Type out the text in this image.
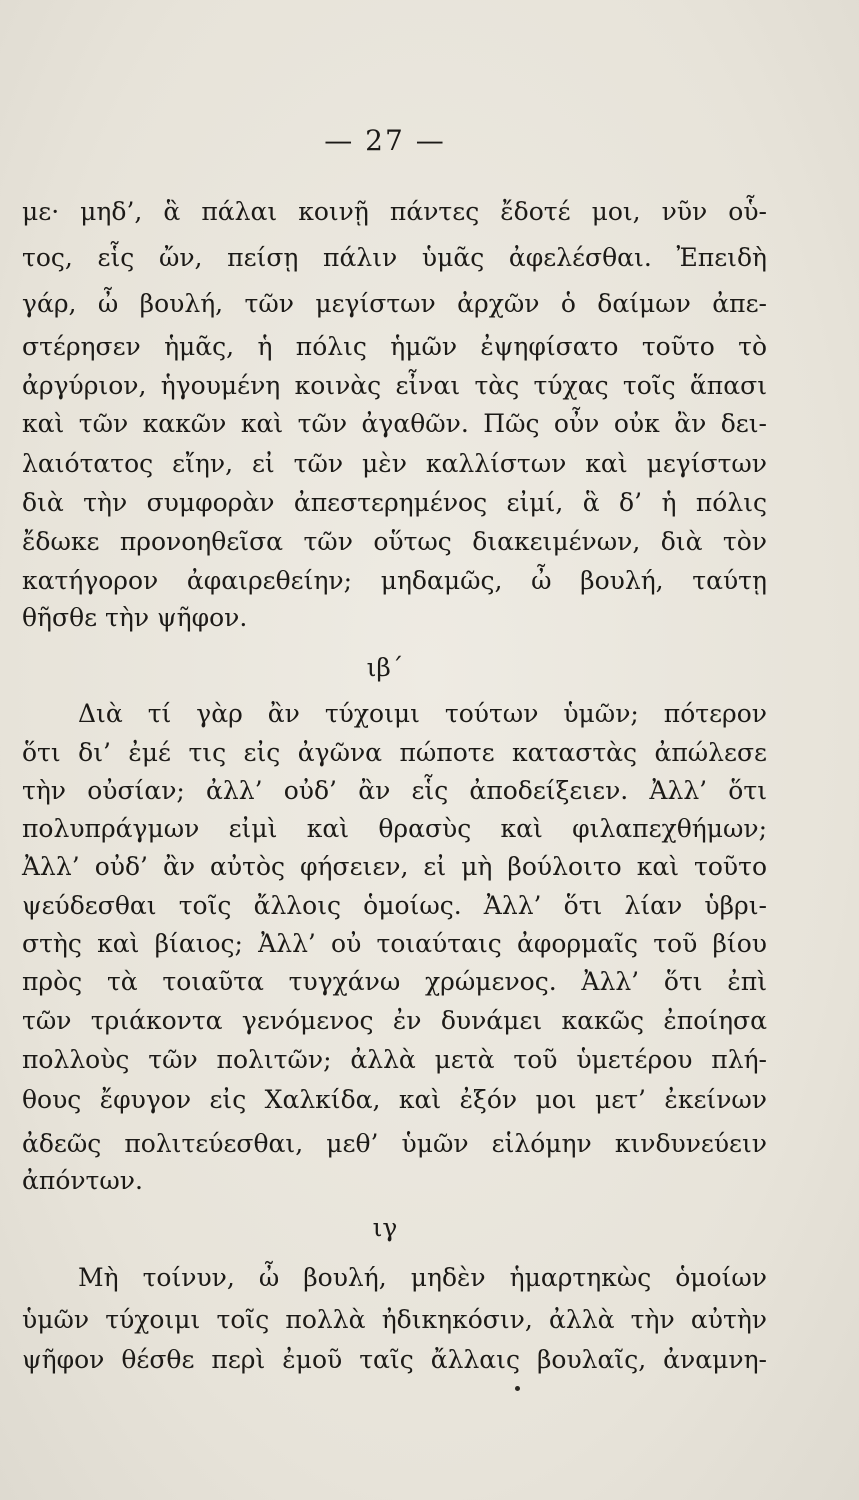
— 27 —
με· μηδ’, ἃ πάλαι κοινῇ πάντες ἔδοτέ μοι, νῦν οὗ-
τος, εἷς ὤν, πείσῃ πάλιν ὑμᾶς ἀφελέσθαι. Ἐπειδὴ
γάρ, ὦ βουλή, τῶν μεγίστων ἀρχῶν ὁ δαίμων ἀπε-
στέρησεν ἡμᾶς, ἡ πόλις ἡμῶν ἐψηφίσατο τοῦτο τὸ
ἀργύριον, ἡγουμένη κοινὰς εἶναι τὰς τύχας τοῖς ἅπασι
καὶ τῶν κακῶν καὶ τῶν ἀγαθῶν. Πῶς οὖν οὐκ ἂν δει-
λαιότατος εἴην, εἰ τῶν μὲν καλλίστων καὶ μεγίστων
διὰ τὴν συμφορὰν ἀπεστερημένος εἰμί, ἃ δ’ ἡ πόλις
ἔδωκε προνοηθεῖσα τῶν οὕτως διακειμένων, διὰ τὸν
κατήγορον ἀφαιρεθείην; μηδαμῶς, ὦ βουλή, ταύτῃ
θῆσθε τὴν ψῆφον.
ιβ΄
Διὰ τί γὰρ ἂν τύχοιμι τούτων ὑμῶν; πότερον
ὅτι δι’ ἐμέ τις εἰς ἀγῶνα πώποτε καταστὰς ἀπώλεσε
τὴν οὐσίαν; ἀλλ’ οὐδ’ ἂν εἷς ἀποδείξειεν. Ἀλλ’ ὅτι
πολυπράγμων εἰμὶ καὶ θρασὺς καὶ φιλαπεχθήμων;
Ἀλλ’ οὐδ’ ἂν αὐτὸς φήσειεν, εἰ μὴ βούλοιτο καὶ τοῦτο
ψεύδεσθαι τοῖς ἄλλοις ὁμοίως. Ἀλλ’ ὅτι λίαν ὑβρι-
στὴς καὶ βίαιος; Ἀλλ’ οὐ τοιαύταις ἀφορμαῖς τοῦ βίου
πρὸς τὰ τοιαῦτα τυγχάνω χρώμενος. Ἀλλ’ ὅτι ἐπὶ
τῶν τριάκοντα γενόμενος ἐν δυνάμει κακῶς ἐποίησα
πολλοὺς τῶν πολιτῶν; ἀλλὰ μετὰ τοῦ ὑμετέρου πλή-
θους ἔφυγον εἰς Χαλκίδα, καὶ ἐξόν μοι μετ’ ἐκείνων
ἀδεῶς πολιτεύεσθαι, μεθ’ ὑμῶν εἱλόμην κινδυνεύειν
ἀπόντων.
ιγ
Μὴ τοίνυν, ὦ βουλή, μηδὲν ἡμαρτηκὼς ὁμοίων
ὑμῶν τύχοιμι τοῖς πολλὰ ἠδικηκόσιν, ἀλλὰ τὴν αὐτὴν
ψῆφον θέσθε περὶ ἐμοῦ ταῖς ἄλλαις βουλαῖς, ἀναμνη-
